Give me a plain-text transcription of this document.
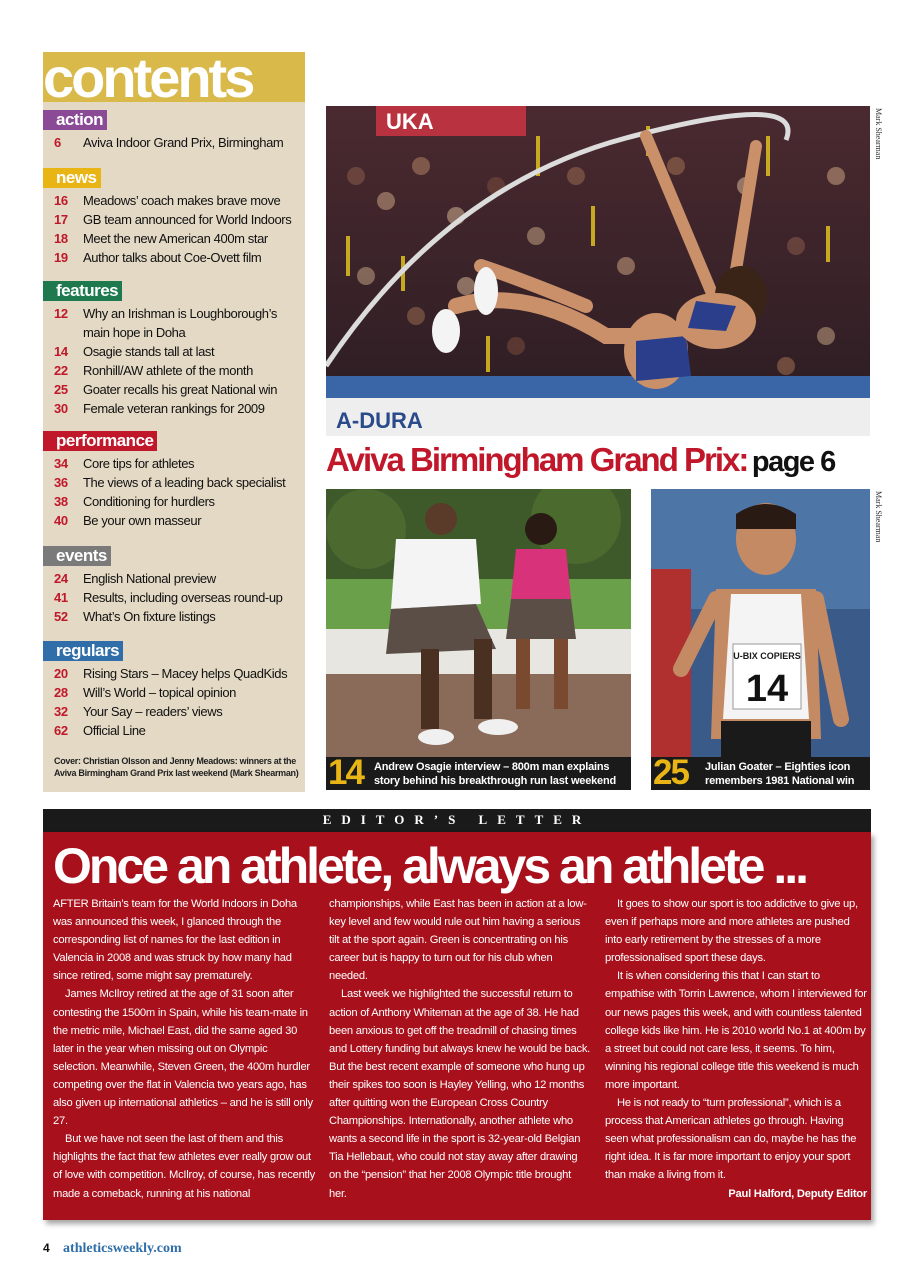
contents
action
6	Aviva Indoor Grand Prix, Birmingham
news
16	Meadows’ coach makes brave move
17	GB team announced for World Indoors
18	Meet the new American 400m star
19	Author talks about Coe-Ovett film
features
12	Why an Irishman is Loughborough’s main hope in Doha
14	Osagie stands tall at last
22	Ronhill/AW athlete of the month
25	Goater recalls his great National win
30	Female veteran rankings for 2009
performance
34	Core tips for athletes
36	The views of a leading back specialist
38	Conditioning for hurdlers
40	Be your own masseur
events
24	English National preview
41	Results, including overseas round-up
52	What’s On fixture listings
regulars
20	Rising Stars – Macey helps QuadKids
28	Will’s World – topical opinion
32	Your Say – readers’ views
62	Official Line
Cover: Christian Olsson and Jenny Meadows: winners at the Aviva Birmingham Grand Prix last weekend (Mark Shearman)
UKA
A-DURA
Mark Shearman
Aviva Birmingham Grand Prix: page 6
U-BIX COPIERS
14
Mark Shearman
14 Andrew Osagie interview – 800m man explains story behind his breakthrough run last weekend 25 Julian Goater – Eighties icon remembers 1981 National win
EDITOR’S LETTER
Once an athlete, always an athlete ...

AFTER Britain’s team for the World Indoors in Doha was announced this week, I glanced through the corresponding list of names for the last edition in Valencia in 2008 and was struck by how many had since retired, some might say prematurely.

James McIlroy retired at the age of 31 soon after contesting the 1500m in Spain, while his team-mate in the metric mile, Michael East, did the same aged 30 later in the year when missing out on Olympic selection. Meanwhile, Steven Green, the 400m hurdler competing over the flat in Valencia two years ago, has also given up international athletics – and he is still only 27.

But we have not seen the last of them and this highlights the fact that few athletes ever really grow out of love with competition. McIlroy, of course, has recently made a comeback, running at his national

championships, while East has been in action at a low-key level and few would rule out him having a serious tilt at the sport again. Green is concentrating on his career but is happy to turn out for his club when needed.

Last week we highlighted the successful return to action of Anthony Whiteman at the age of 38. He had been anxious to get off the treadmill of chasing times and Lottery funding but always knew he would be back. But the best recent example of someone who hung up their spikes too soon is Hayley Yelling, who 12 months after quitting won the European Cross Country Championships. Internationally, another athlete who wants a second life in the sport is 32-year-old Belgian Tia Hellebaut, who could not stay away after drawing on the “pension” that her 2008 Olympic title brought her.

It goes to show our sport is too addictive to give up, even if perhaps more and more athletes are pushed into early retirement by the stresses of a more professionalised sport these days.

It is when considering this that I can start to empathise with Torrin Lawrence, whom I interviewed for our news pages this week, and with countless talented college kids like him. He is 2010 world No.1 at 400m by a street but could not care less, it seems. To him, winning his regional college title this weekend is much more important.

He is not ready to “turn professional”, which is a process that American athletes go through. Having seen what professionalism can do, maybe he has the right idea. It is far more important to enjoy your sport than make a living from it.

Paul Halford, Deputy Editor

4 athleticsweekly.com
